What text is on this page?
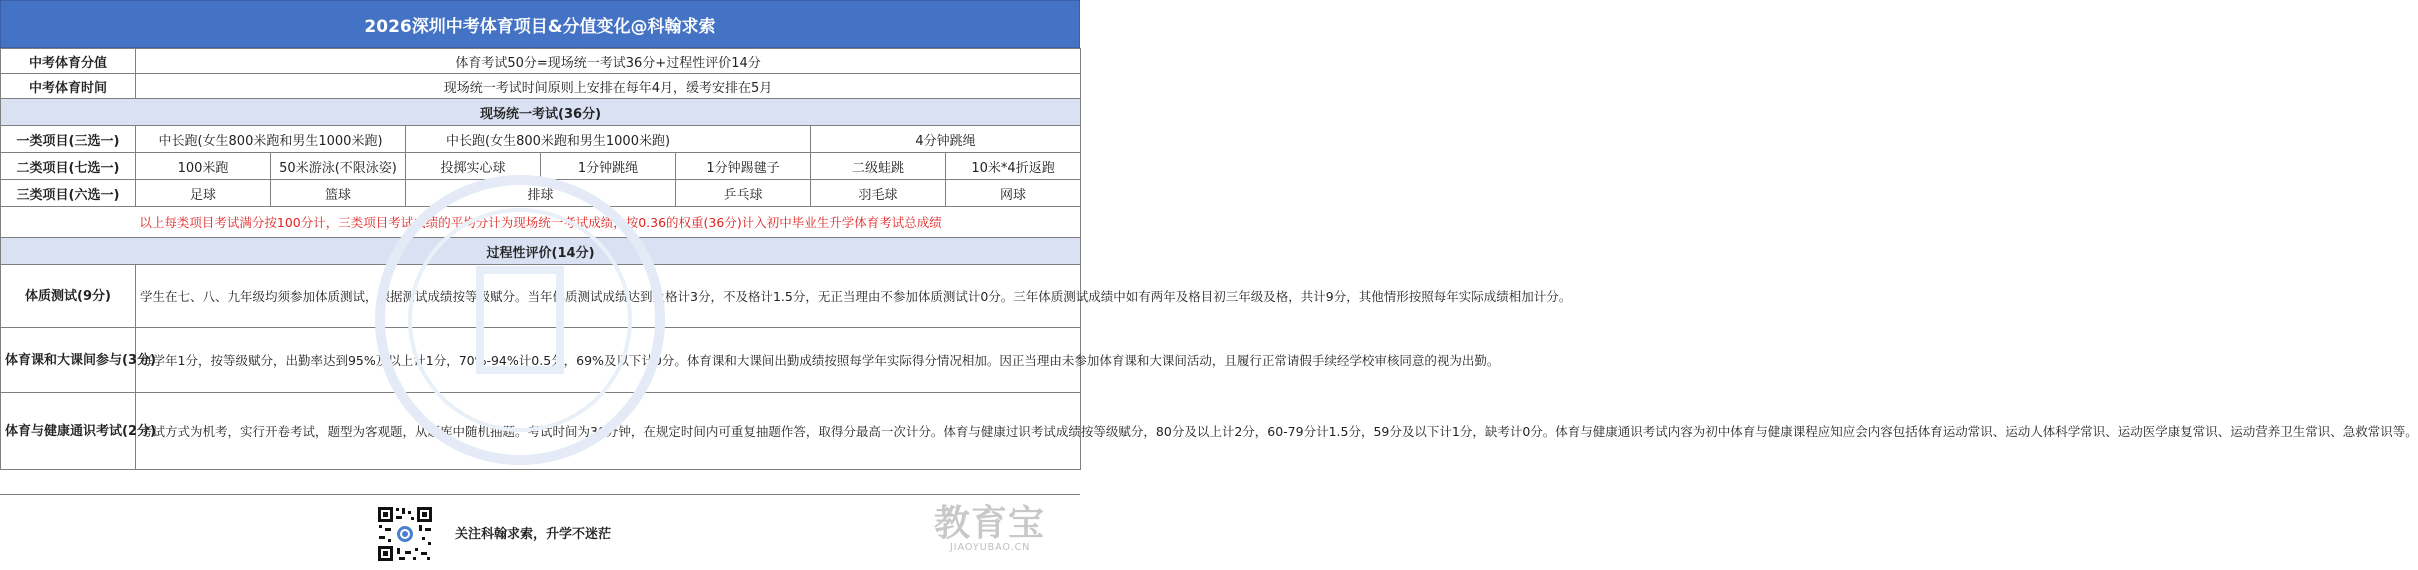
2026深圳中考体育项目&分值变化@科翰求索
中考体育分值	体育考试50分=现场统一考试36分+过程性评价14分						
中考体育时间	现场统一考试时间原则上安排在每年4月，缓考安排在5月						
现场统一考试(36分)							
一类项目(三选一)	中长跑(女生800米跑和男生1000米跑)		中长跑(女生800米跑和男生1000米跑)			4分钟跳绳	
二类项目(七选一)	100米跑	50米游泳(不限泳姿)	投掷实心球	1分钟跳绳	1分钟踢毽子	二级蛙跳	10米*4折返跑
三类项目(六选一)	足球	篮球	排球		乒乓球	羽毛球	网球
以上每类项目考试满分按100分计，三类项目考试成绩的平均分计为现场统一考试成绩，按0.36的权重(36分)计入初中毕业生升学体育考试总成绩							
过程性评价(14分)							
体质测试(9分)	学生在七、八、九年级均须参加体质测试，根据测试成绩按等级赋分。当年体质测试成绩达到及格计3分，不及格计1.5分，无正当理由不参加体质测试计0分。三年体质测试成绩中如有两年及格目初三年级及格，共计9分，其他情形按照每年实际成绩相加计分。						
体育课和大课间参与(3分)	每学年1分，按等级赋分，出勤率达到95%及以上计1分，70%-94%计0.5分，69%及以下计0分。体育课和大课间出勤成绩按照每学年实际得分情况相加。因正当理由未参加体育课和大课间活动，且履行正常请假手续经学校审核同意的视为出勤。						
体育与健康通识考试(2分)	考试方式为机考，实行开卷考试，题型为客观题，从题库中随机抽题。考试时间为30分钟，在规定时间内可重复抽题作答，取得分最高一次计分。体育与健康过识考试成绩按等级赋分，80分及以上计2分，60-79分计1.5分，59分及以下计1分，缺考计0分。体育与健康通识考试内容为初中体育与健康课程应知应会内容包括体育运动常识、运动人体科学常识、运动医学康复常识、运动营养卫生常识、急救常识等。						
关注科翰求索，升学不迷茫	教育宝
JIAOYUBAO.CN
